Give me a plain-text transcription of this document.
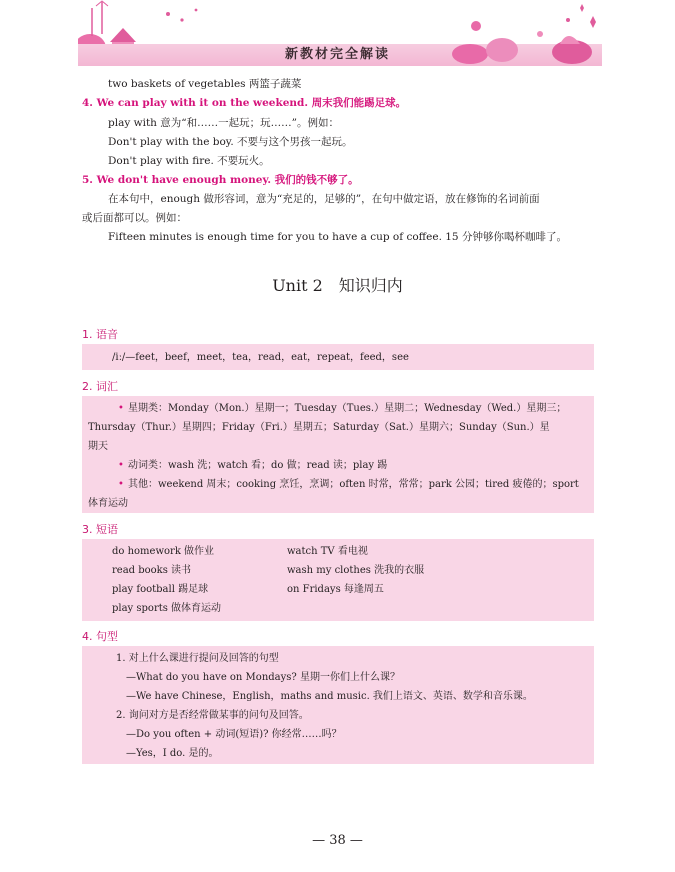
新教材完全解读
two baskets of vegetables 两篮子蔬菜
4. We can play with it on the weekend. 周末我们能踢足球。
play with 意为“和……一起玩；玩……”。例如：
Don't play with the boy. 不要与这个男孩一起玩。
Don't play with fire. 不要玩火。
5. We don't have enough money. 我们的钱不够了。
在本句中，enough 做形容词，意为“充足的，足够的”，在句中做定语，放在修饰的名词前面
或后面都可以。例如：
Fifteen minutes is enough time for you to have a cup of coffee. 15 分钟够你喝杯咖啡了。
Unit 2　知识归内
1. 语音
/iː/—feet，beef，meet，tea，read，eat，repeat，feed，see
2. 词汇
• 星期类：Monday（Mon.）星期一；Tuesday（Tues.）星期二；Wednesday（Wed.）星期三；
Thursday（Thur.）星期四；Friday（Fri.）星期五；Saturday（Sat.）星期六；Sunday（Sun.）星
期天
• 动词类：wash 洗；watch 看；do 做；read 读；play 踢
• 其他：weekend 周末；cooking 烹饪，烹调；often 时常，常常；park 公园；tired 疲倦的；sport
体育运动
3. 短语
do homework 做作业
read books 读书
play football 踢足球
play sports 做体育运动
watch TV 看电视
wash my clothes 洗我的衣服
on Fridays 每逢周五
4. 句型
1. 对上什么课进行提问及回答的句型
—What do you have on Mondays? 星期一你们上什么课？
—We have Chinese，English，maths and music. 我们上语文、英语、数学和音乐课。
2. 询问对方是否经常做某事的问句及回答。
—Do you often + 动词(短语)? 你经常……吗？
—Yes，I do. 是的。
— 38 —
